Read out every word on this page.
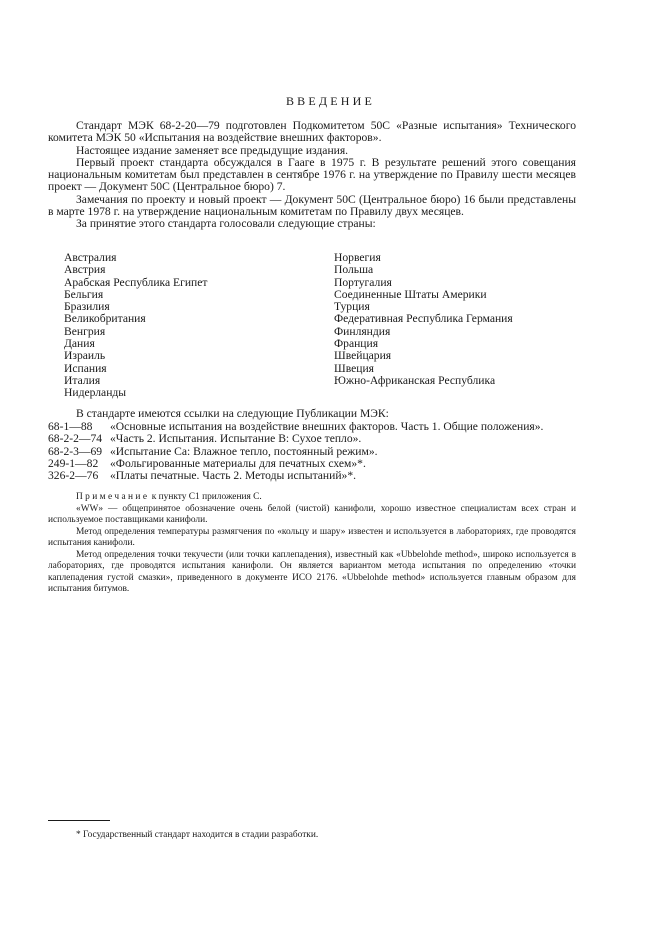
ВВЕДЕНИЕ

Стандарт МЭК 68-2-20—79 подготовлен Подкомитетом 50С «Разные испытания» Технического комитета МЭК 50 «Испытания на воздействие внешних факторов».

Настоящее издание заменяет все предыдущие издания.

Первый проект стандарта обсуждался в Гааге в 1975 г. В результате решений этого совещания национальным комитетам был представлен в сентябре 1976 г. на утверждение по Правилу шести месяцев проект — Документ 50С (Центральное бюро) 7.

Замечания по проекту и новый проект — Документ 50С (Центральное бюро) 16 были представлены в марте 1978 г. на утверждение национальным комитетам по Правилу двух месяцев.

За принятие этого стандарта голосовали следующие страны:

Австралия
Австрия
Арабская Республика Египет
Бельгия
Бразилия
Великобритания
Венгрия
Дания
Израиль
Испания
Италия
Нидерланды
Норвегия
Польша
Португалия
Соединенные Штаты Америки
Турция
Федеративная Республика Германия
Финляндия
Франция
Швейцария
Швеция
Южно-Африканская Республика
В стандарте имеются ссылки на следующие Публикации МЭК:
68-1—88	«Основные испытания на воздействие внешних факторов. Часть 1. Общие положения».
68-2-2—74 «Часть 2. Испытания. Испытание B: Сухое тепло».
68-2-3—69 «Испытание Са: Влажное тепло, постоянный режим».
249-1—82	«Фольгированные материалы для печатных схем»*.
326-2—76	«Платы печатные. Часть 2. Методы испытаний»*.

Примечание к пункту С1 приложения С.

«WW» — общепринятое обозначение очень белой (чистой) канифоли, хорошо известное специалистам всех стран и используемое поставщиками канифоли.

Метод определения температуры размягчения по «кольцу и шару» известен и используется в лабораториях, где проводятся испытания канифоли.

Метод определения точки текучести (или точки каплепадения), известный как «Ubbelohde method», широко используется в лабораториях, где проводятся испытания канифоли. Он является вариантом метода испытания по определению «точки каплепадения густой смазки», приведенного в документе ИСО 2176. «Ubbelohde method» используется главным образом для испытания битумов.

* Государственный стандарт находится в стадии разработки.
